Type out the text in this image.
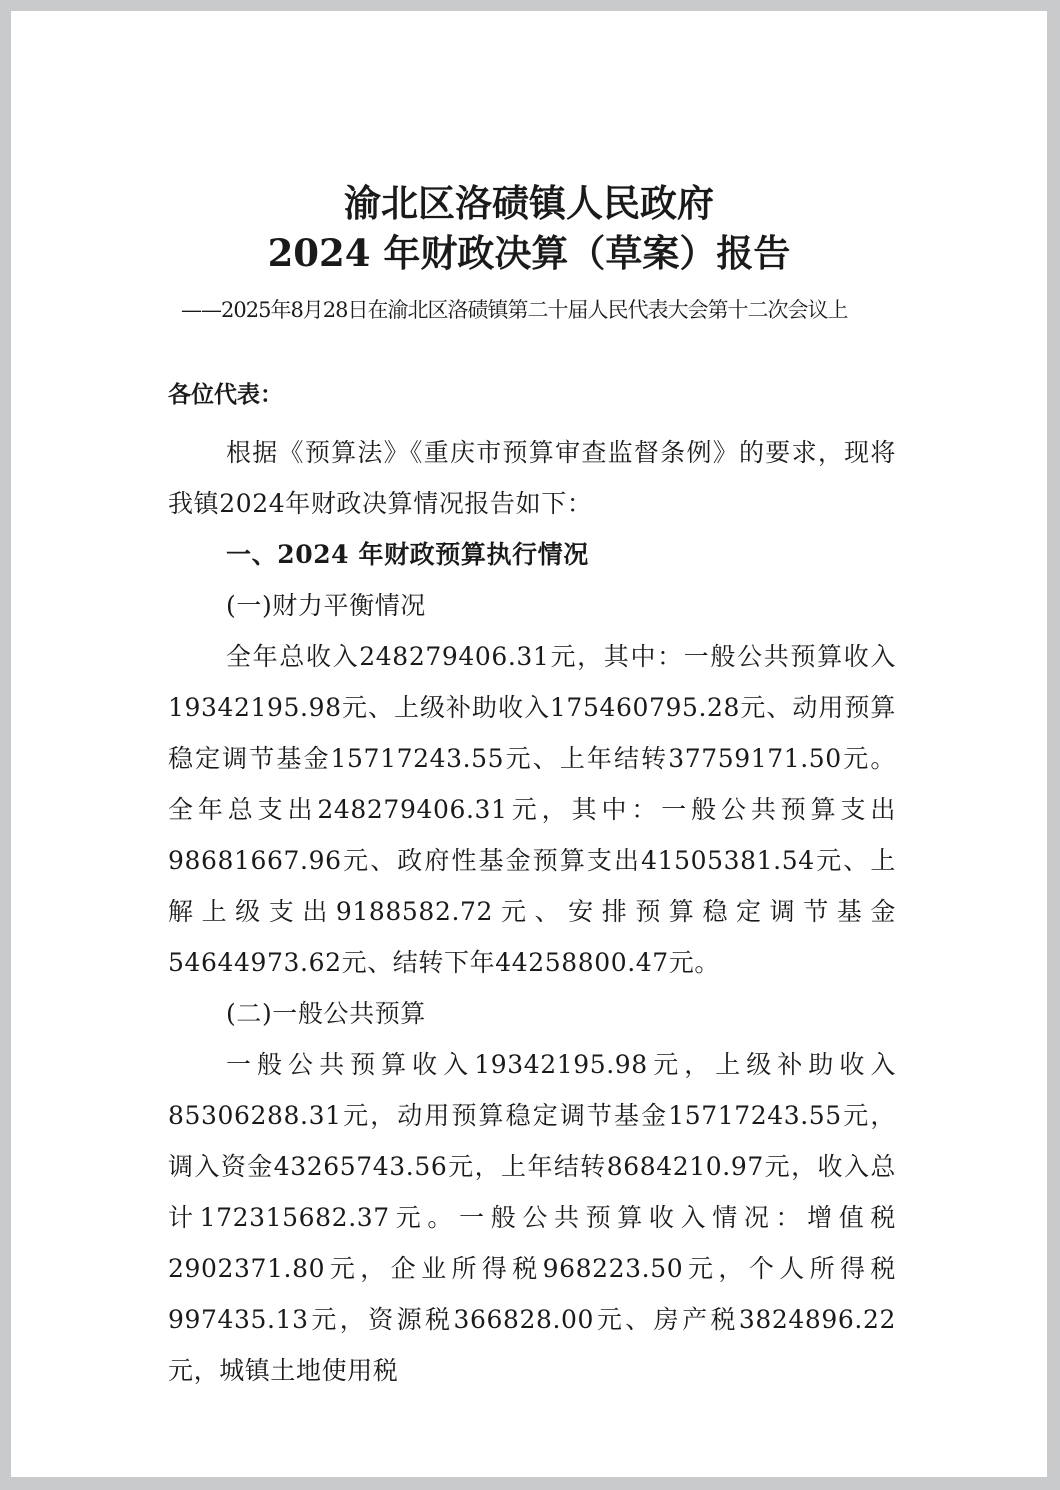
渝北区洛碛镇人民政府
2024 年财政决算（草案）报告
——2025年8月28日在渝北区洛碛镇第二十届人民代表大会第十二次会议上
各位代表：

根据《预算法》《重庆市预算审查监督条例》的要求，现将我镇2024年财政决算情况报告如下：

一、2024 年财政预算执行情况

(一)财力平衡情况

全年总收入248279406.31元，其中：一般公共预算收入19342195.98元、上级补助收入175460795.28元、动用预算稳定调节基金15717243.55元、上年结转37759171.50元。全年总支出248279406.31元，其中：一般公共预算支出98681667.96元、政府性基金预算支出41505381.54元、上解上级支出9188582.72元、安排预算稳定调节基金54644973.62元、结转下年44258800.47元。

(二)一般公共预算

一般公共预算收入19342195.98元，上级补助收入85306288.31元，动用预算稳定调节基金15717243.55元，调入资金43265743.56元，上年结转8684210.97元，收入总计172315682.37元。一般公共预算收入情况：增值税2902371.80元，企业所得税968223.50元，个人所得税997435.13元，资源税366828.00元、房产税3824896.22元，城镇土地使用税
